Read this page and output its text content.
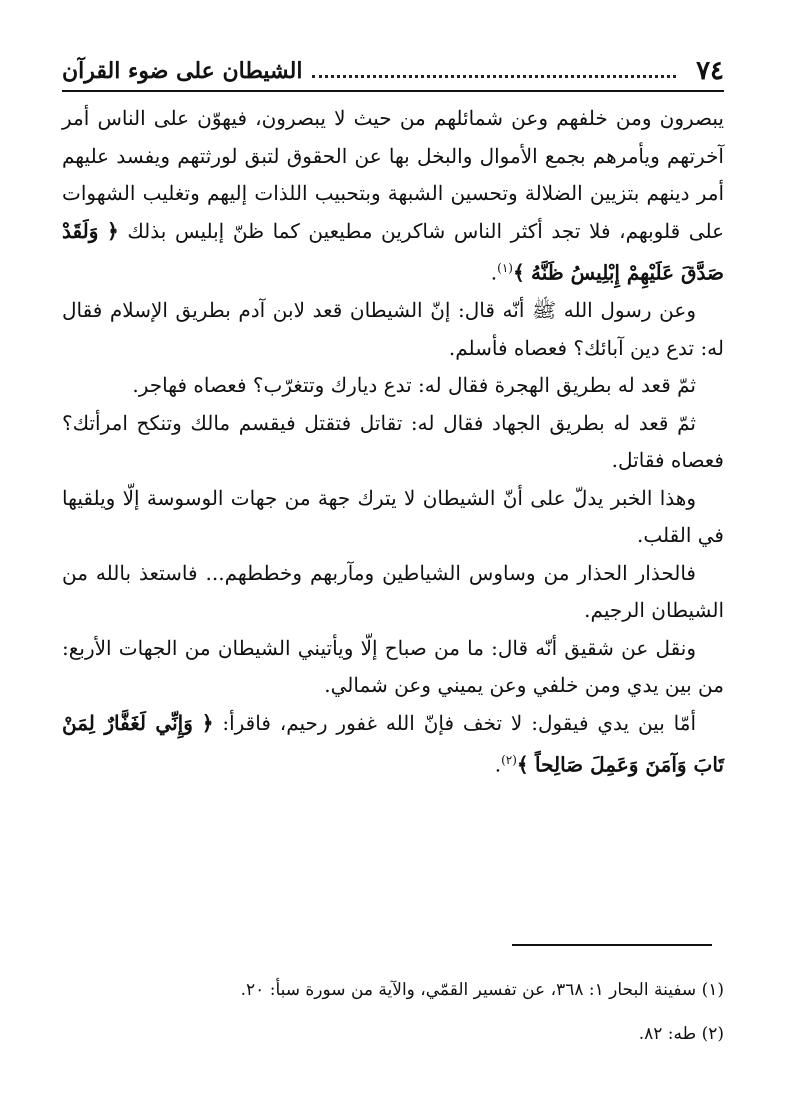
٧٤
الشيطان على ضوء القرآن

يبصرون ومن خلفهم وعن شمائلهم من حيث لا يبصرون، فيهوّن على الناس أمر آخرتهم ويأمرهم بجمع الأموال والبخل بها عن الحقوق لتبق لورثتهم ويفسد عليهم أمر دينهم بتزيين الضلالة وتحسين الشبهة وبتحبيب اللذات إليهم وتغليب الشهوات على قلوبهم، فلا تجد أكثر الناس شاكرين مطيعين كما ظنّ إبليس بذلك ﴿ وَلَقَدْ صَدَّقَ عَلَيْهِمْ إِبْلِيسُ ظَنَّهُ ﴾$^{(١)}$.

وعن رسول الله ﷺ أنّه قال: إنّ الشيطان قعد لابن آدم بطريق الإسلام فقال له: تدع دين آبائك؟ فعصاه فأسلم.

ثمّ قعد له بطريق الهجرة فقال له: تدع ديارك وتتغرّب؟ فعصاه فهاجر.

ثمّ قعد له بطريق الجهاد فقال له: تقاتل فتقتل فيقسم مالك وتنكح امرأتك؟ فعصاه فقاتل.

وهذا الخبر يدلّ على أنّ الشيطان لا يترك جهة من جهات الوسوسة إلّا ويلقيها في القلب.

فالحذار الحذار من وساوس الشياطين ومآربهم وخططهم... فاستعذ بالله من الشيطان الرجيم.

ونقل عن شقيق أنّه قال: ما من صباح إلّا ويأتيني الشيطان من الجهات الأربع: من بين يدي ومن خلفي وعن يميني وعن شمالي.

أمّا بين يدي فيقول: لا تخف فإنّ الله غفور رحيم، فاقرأ: ﴿ وَإِنِّي لَغَفَّارٌ لِمَنْ تَابَ وَآمَنَ وَعَمِلَ صَالِحاً ﴾$^{(٢)}$.

(١) سفينة البحار ١: ٣٦٨، عن تفسير القمّي، والآية من سورة سبأ: ٢٠.

(٢) طه: ٨٢.
